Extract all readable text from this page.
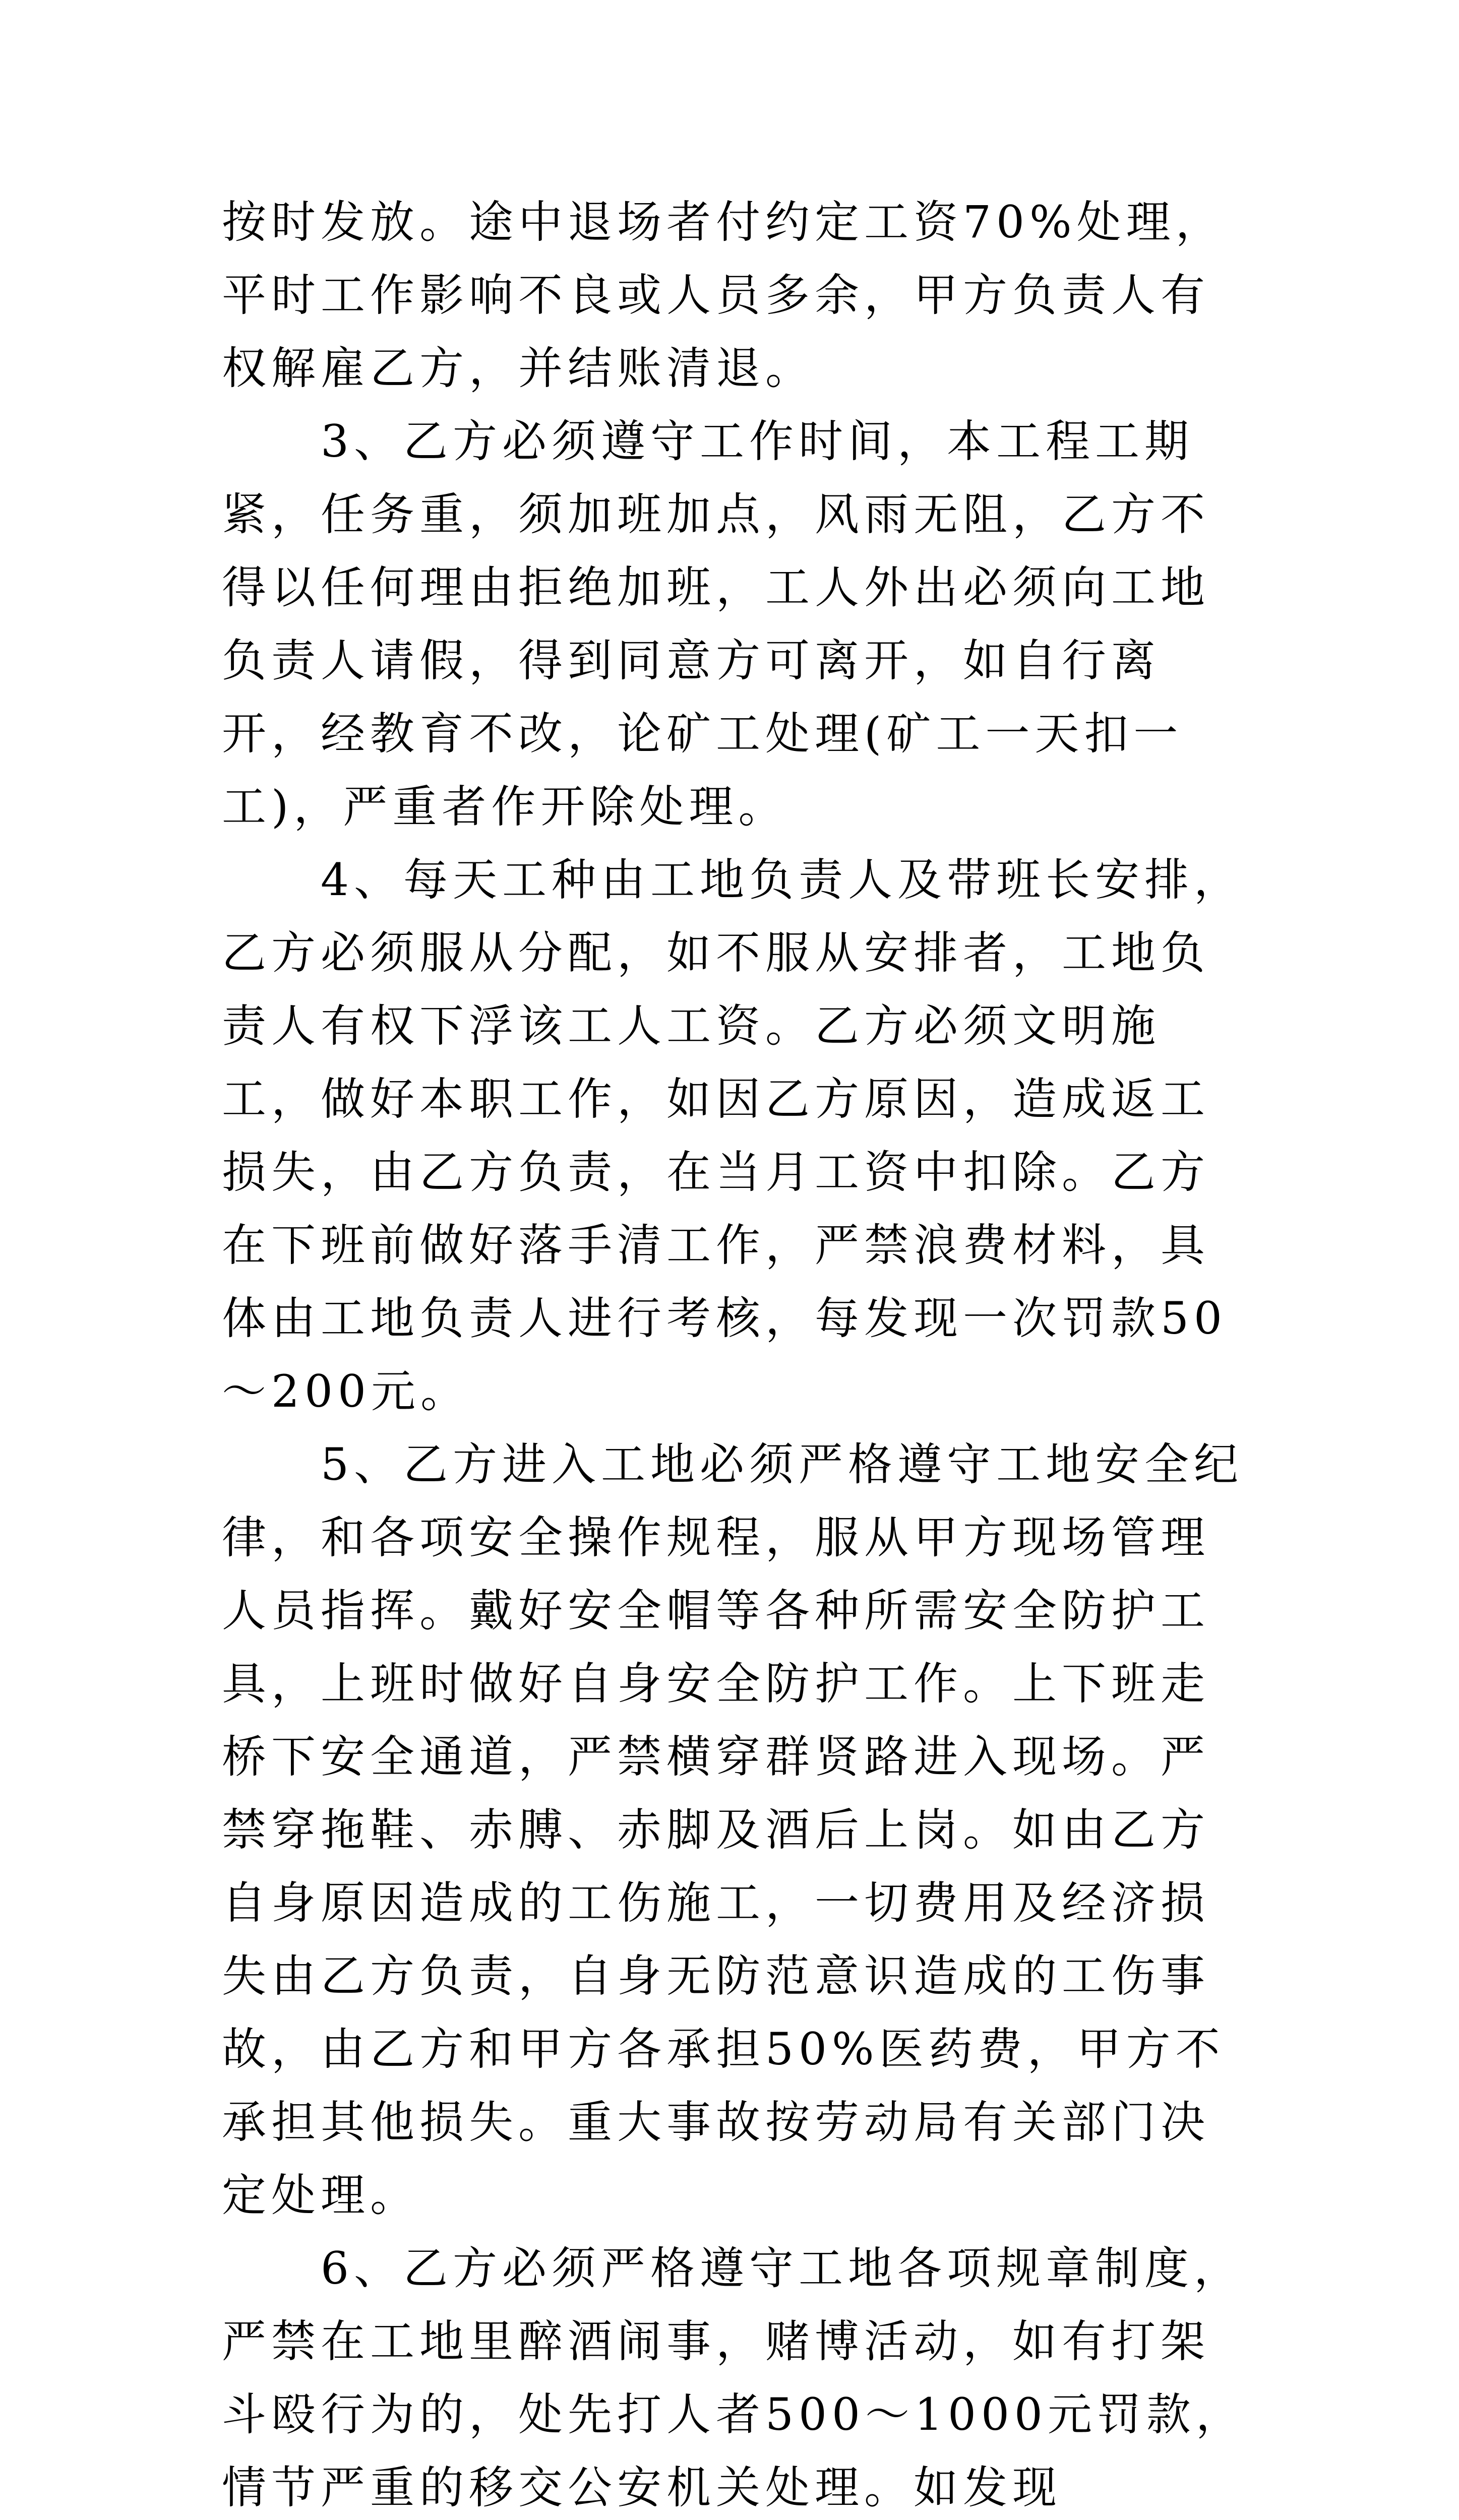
按时发放。途中退场者付约定工资70%处理，平时工作影响不良或人员多余，甲方负责人有权解雇乙方，并结账清退。

3、乙方必须遵守工作时间，本工程工期紧，任务重，须加班加点，风雨无阻，乙方不得以任何理由拒绝加班，工人外出必须向工地负责人请假，得到同意方可离开，如自行离开，经教育不改，论矿工处理(矿工一天扣一工)，严重者作开除处理。

4、每天工种由工地负责人及带班长安排，乙方必须服从分配，如不服从安排者，工地负责人有权下浮该工人工资。乙方必须文明施工，做好本职工作，如因乙方原因，造成返工损失，由乙方负责，在当月工资中扣除。乙方在下班前做好落手清工作，严禁浪费材料，具体由工地负责人进行考核，每发现一次罚款50～200元。

5、乙方进入工地必须严格遵守工地安全纪律，和各项安全操作规程，服从甲方现场管理人员指挥。戴好安全帽等各种所需安全防护工具，上班时做好自身安全防护工作。上下班走桥下安全通道，严禁横穿群贤路进入现场。严禁穿拖鞋、赤膊、赤脚及酒后上岗。如由乙方自身原因造成的工伤施工，一切费用及经济损失由乙方负责，自身无防范意识造成的工伤事故，由乙方和甲方各承担50%医药费，甲方不承担其他损失。重大事故按劳动局有关部门决定处理。

6、乙方必须严格遵守工地各项规章制度，严禁在工地里醉酒闹事，赌博活动，如有打架斗殴行为的，处先打人者500～1000元罚款，情节严重的移交公安机关处理。如发现
